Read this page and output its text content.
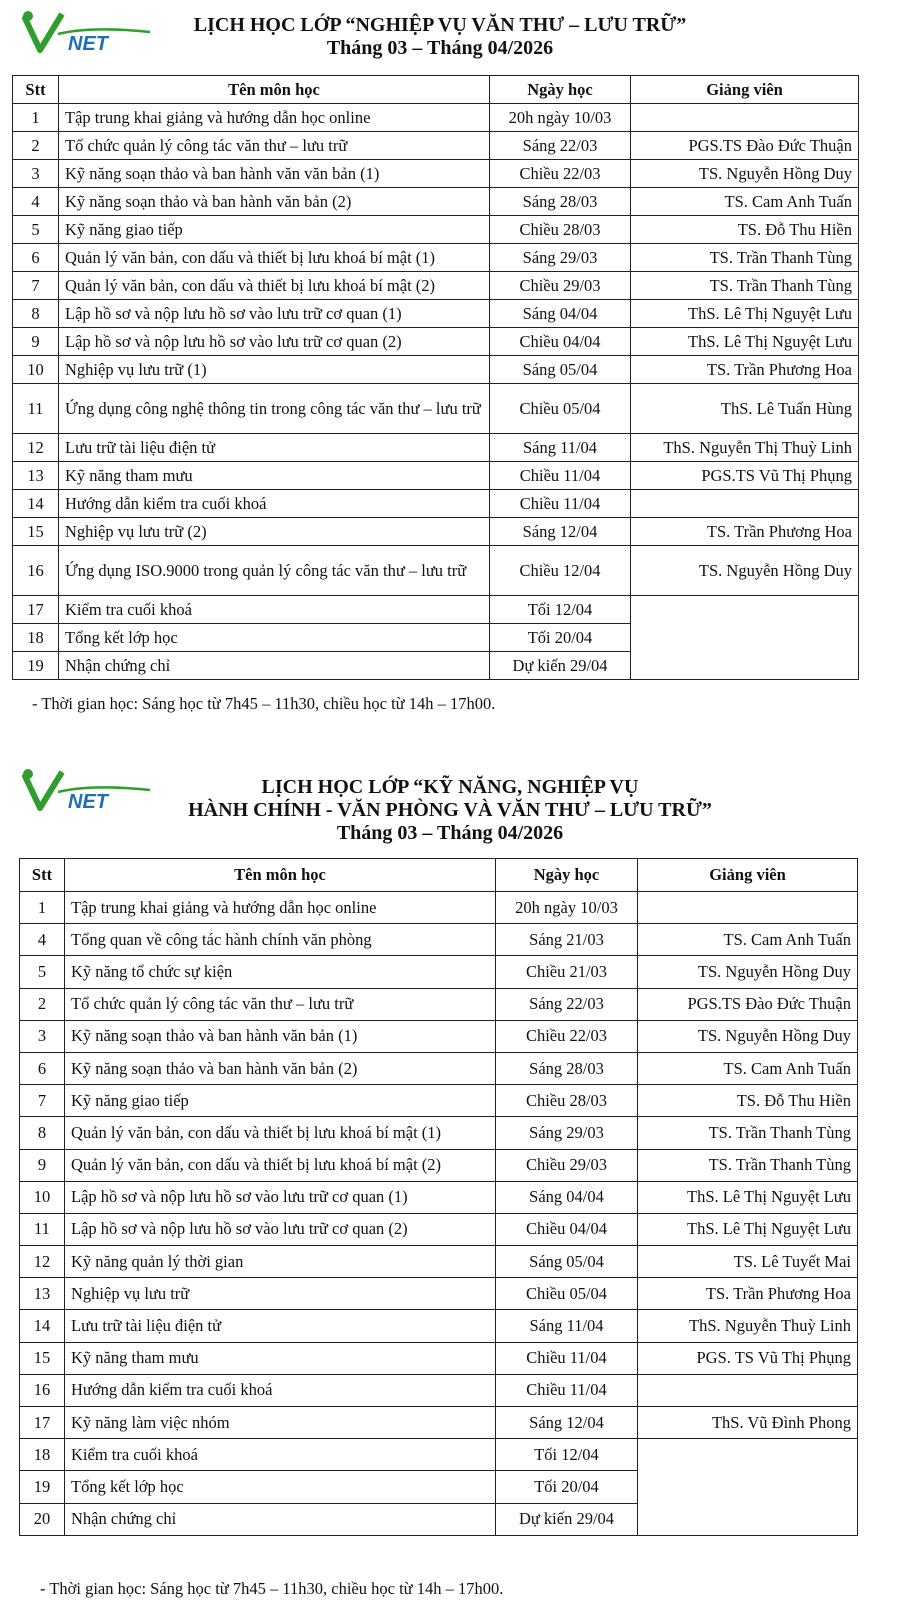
NET
LỊCH HỌC LỚP “NGHIỆP VỤ VĂN THƯ – LƯU TRỮ”
Tháng 03 – Tháng 04/2026
Stt	Tên môn học	Ngày học	Giảng viên
1	Tập trung khai giảng và hướng dẫn học online	20h ngày 10/03	
2	Tổ chức quản lý công tác văn thư – lưu trữ	Sáng 22/03	PGS.TS Đào Đức Thuận
3	Kỹ năng soạn thảo và ban hành văn văn bản (1)	Chiều 22/03	TS. Nguyễn Hồng Duy
4	Kỹ năng soạn thảo và ban hành văn bản (2)	Sáng 28/03	TS. Cam Anh Tuấn
5	Kỹ năng giao tiếp	Chiều 28/03	TS. Đỗ Thu Hiền
6	Quản lý văn bản, con dấu và thiết bị lưu khoá bí mật (1)	Sáng 29/03	TS. Trần Thanh Tùng
7	Quản lý văn bản, con dấu và thiết bị lưu khoá bí mật (2)	Chiều 29/03	TS. Trần Thanh Tùng
8	Lập hồ sơ và nộp lưu hồ sơ vào lưu trữ cơ quan (1)	Sáng 04/04	ThS. Lê Thị Nguyệt Lưu
9	Lập hồ sơ và nộp lưu hồ sơ vào lưu trữ cơ quan (2)	Chiều 04/04	ThS. Lê Thị Nguyệt Lưu
10	Nghiệp vụ lưu trữ (1)	Sáng 05/04	TS. Trần Phương Hoa
11	Ứng dụng công nghệ thông tin trong công tác văn thư – lưu trữ	Chiều 05/04	ThS. Lê Tuấn Hùng
12	Lưu trữ tài liệu điện tử	Sáng 11/04	ThS. Nguyễn Thị Thuỳ Linh
13	Kỹ năng tham mưu	Chiều 11/04	PGS.TS Vũ Thị Phụng
14	Hướng dẫn kiểm tra cuối khoá	Chiều 11/04	
15	Nghiệp vụ lưu trữ (2)	Sáng 12/04	TS. Trần Phương Hoa
16	Ứng dụng ISO.9000 trong quản lý công tác văn thư – lưu trữ	Chiều 12/04	TS. Nguyễn Hồng Duy
17	Kiểm tra cuối khoá	Tối 12/04	
18	Tổng kết lớp học	Tối 20/04	
19	Nhận chứng chỉ	Dự kiến 29/04	
- Thời gian học: Sáng học từ 7h45 – 11h30, chiều học từ 14h – 17h00.
NET
LỊCH HỌC LỚP “KỸ NĂNG, NGHIỆP VỤ
HÀNH CHÍNH - VĂN PHÒNG VÀ VĂN THƯ – LƯU TRỮ”
Tháng 03 – Tháng 04/2026
Stt	Tên môn học	Ngày học	Giảng viên
1	Tập trung khai giảng và hướng dẫn học online	20h ngày 10/03	
4	Tổng quan về công tác hành chính văn phòng	Sáng 21/03	TS. Cam Anh Tuấn
5	Kỹ năng tổ chức sự kiện	Chiều 21/03	TS. Nguyễn Hồng Duy
2	Tổ chức quản lý công tác văn thư – lưu trữ	Sáng 22/03	PGS.TS Đào Đức Thuận
3	Kỹ năng soạn thảo và ban hành văn bản (1)	Chiều 22/03	TS. Nguyễn Hồng Duy
6	Kỹ năng soạn thảo và ban hành văn bản (2)	Sáng 28/03	TS. Cam Anh Tuấn
7	Kỹ năng giao tiếp	Chiều 28/03	TS. Đỗ Thu Hiền
8	Quản lý văn bản, con dấu và thiết bị lưu khoá bí mật (1)	Sáng 29/03	TS. Trần Thanh Tùng
9	Quản lý văn bản, con dấu và thiết bị lưu khoá bí mật (2)	Chiều 29/03	TS. Trần Thanh Tùng
10	Lập hồ sơ và nộp lưu hồ sơ vào lưu trữ cơ quan (1)	Sáng 04/04	ThS. Lê Thị Nguyệt Lưu
11	Lập hồ sơ và nộp lưu hồ sơ vào lưu trữ cơ quan (2)	Chiều 04/04	ThS. Lê Thị Nguyệt Lưu
12	Kỹ năng quản lý thời gian	Sáng 05/04	TS. Lê Tuyết Mai
13	Nghiệp vụ lưu trữ	Chiều 05/04	TS. Trần Phương Hoa
14	Lưu trữ tài liệu điện tử	Sáng 11/04	ThS. Nguyễn Thuỳ Linh
15	Kỹ năng tham mưu	Chiều 11/04	PGS. TS Vũ Thị Phụng
16	Hướng dẫn kiểm tra cuối khoá	Chiều 11/04	
17	Kỹ năng làm việc nhóm	Sáng 12/04	ThS. Vũ Đình Phong
18	Kiểm tra cuối khoá	Tối 12/04	
19	Tổng kết lớp học	Tối 20/04	
20	Nhận chứng chỉ	Dự kiến 29/04	
- Thời gian học: Sáng học từ 7h45 – 11h30, chiều học từ 14h – 17h00.
